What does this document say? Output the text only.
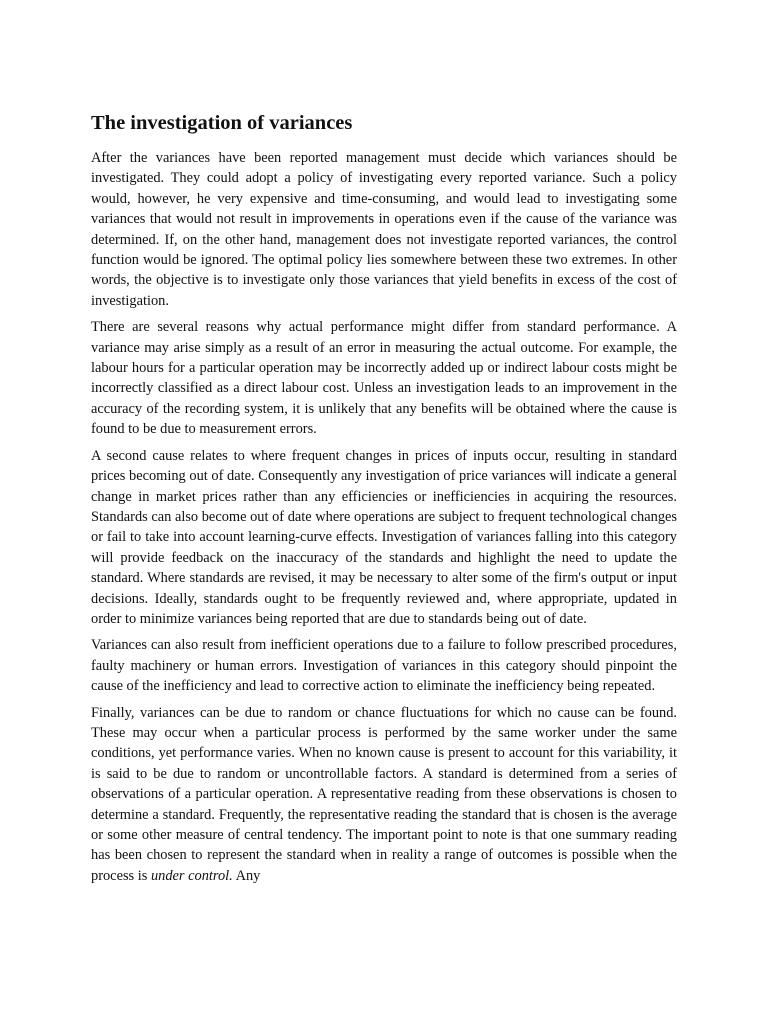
The investigation of variances

After the variances have been reported management must decide which variances should be investigated. They could adopt a policy of investigating every reported variance. Such a policy would, however, he very expensive and time-consuming, and would lead to investigating some variances that would not result in improvements in operations even if the cause of the variance was determined. If, on the other hand, management does not investigate reported variances, the control function would be ignored. The optimal policy lies somewhere between these two extremes. In other words, the objective is to investigate only those variances that yield benefits in excess of the cost of investigation.

There are several reasons why actual performance might differ from standard performance. A variance may arise simply as a result of an error in measuring the actual outcome. For example, the labour hours for a particular operation may be incorrectly added up or indirect labour costs might be incorrectly classified as a direct labour cost. Unless an investigation leads to an improvement in the accuracy of the recording system, it is unlikely that any benefits will be obtained where the cause is found to be due to measurement errors.

A second cause relates to where frequent changes in prices of inputs occur, resulting in standard prices becoming out of date. Consequently any investigation of price variances will indicate a general change in market prices rather than any efficiencies or inefficiencies in acquiring the resources. Standards can also become out of date where operations are subject to frequent technological changes or fail to take into account learning-curve effects. Investigation of variances falling into this category will provide feedback on the inaccuracy of the standards and highlight the need to update the standard. Where standards are revised, it may be necessary to alter some of the firm's output or input decisions. Ideally, standards ought to be frequently reviewed and, where appropriate, updated in order to minimize variances being reported that are due to standards being out of date.

Variances can also result from inefficient operations due to a failure to follow prescribed procedures, faulty machinery or human errors. Investigation of variances in this category should pinpoint the cause of the inefficiency and lead to corrective action to eliminate the inefficiency being repeated.

Finally, variances can be due to random or chance fluctuations for which no cause can be found. These may occur when a particular process is performed by the same worker under the same conditions, yet performance varies. When no known cause is present to account for this variability, it is said to be due to random or uncontrollable factors. A standard is determined from a series of observations of a particular operation. A representative reading from these observations is chosen to determine a standard. Frequently, the representative reading the standard that is chosen is the average or some other measure of central tendency. The important point to note is that one summary reading has been chosen to represent the standard when in reality a range of outcomes is possible when the process is under control. Any
